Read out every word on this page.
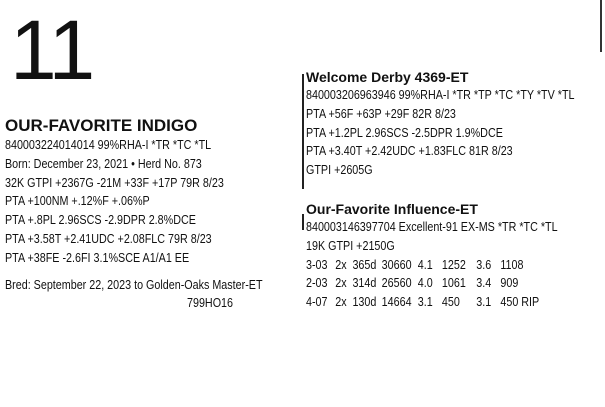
11
OUR-FAVORITE INDIGO
840003224014014 99%RHA-I *TR *TC *TL
Born: December 23, 2021 • Herd No. 873
32K GTPI +2367G -21M +33F +17P 79R 8/23
PTA +100NM +.12%F +.06%P
PTA +.8PL 2.96SCS -2.9DPR 2.8%DCE
PTA +3.58T +2.41UDC +2.08FLC 79R 8/23
PTA +38FE -2.6FI 3.1%SCE A1/A1 EE
Bred: September 22, 2023 to Golden-Oaks Master-ET
799HO16
Welcome Derby 4369-ET
840003206963946 99%RHA-I *TR *TP *TC *TY *TV *TL
PTA +56F +63P +29F 82R 8/23
PTA +1.2PL 2.96SCS -2.5DPR 1.9%DCE
PTA +3.40T +2.42UDC +1.83FLC 81R 8/23
GTPI +2605G
Our-Favorite Influence-ET
840003146397704 Excellent-91 EX-MS *TR *TC *TL
19K GTPI +2150G
3-03 2x 365d 30660 4.1 1252 3.6 1108
2-03 2x 314d 26560 4.0 1061 3.4 909
4-07 2x 130d 14664 3.1 450 3.1 450 RIP
